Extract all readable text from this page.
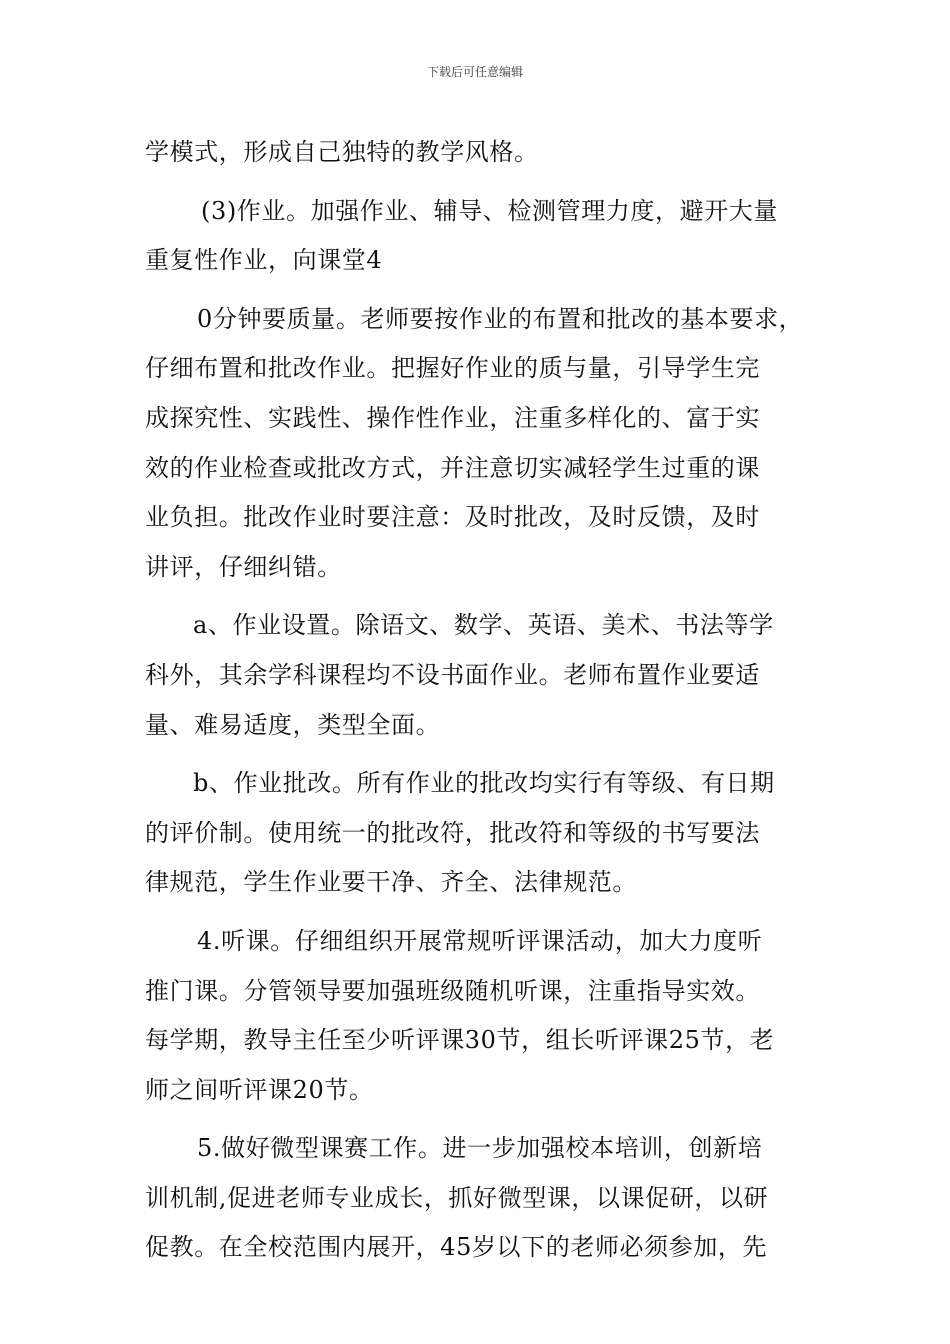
下载后可任意编辑
学模式，形成自己独特的教学风格。
(3)作业。加强作业、辅导、检测管理力度，避开大量
重复性作业，向课堂4
0分钟要质量。老师要按作业的布置和批改的基本要求，
仔细布置和批改作业。把握好作业的质与量，引导学生完
成探究性、实践性、操作性作业，注重多样化的、富于实
效的作业检查或批改方式，并注意切实减轻学生过重的课
业负担。批改作业时要注意：及时批改，及时反馈，及时
讲评，仔细纠错。
a、作业设置。除语文、数学、英语、美术、书法等学
科外，其余学科课程均不设书面作业。老师布置作业要适
量、难易适度，类型全面。
b、作业批改。所有作业的批改均实行有等级、有日期
的评价制。使用统一的批改符，批改符和等级的书写要法
律规范，学生作业要干净、齐全、法律规范。
4.听课。仔细组织开展常规听评课活动，加大力度听
推门课。分管领导要加强班级随机听课，注重指导实效。
每学期，教导主任至少听评课30节，组长听评课25节，老
师之间听评课20节。
5.做好微型课赛工作。进一步加强校本培训，创新培
训机制,促进老师专业成长，抓好微型课，以课促研，以研
促教。在全校范围内展开，45岁以下的老师必须参加，先
